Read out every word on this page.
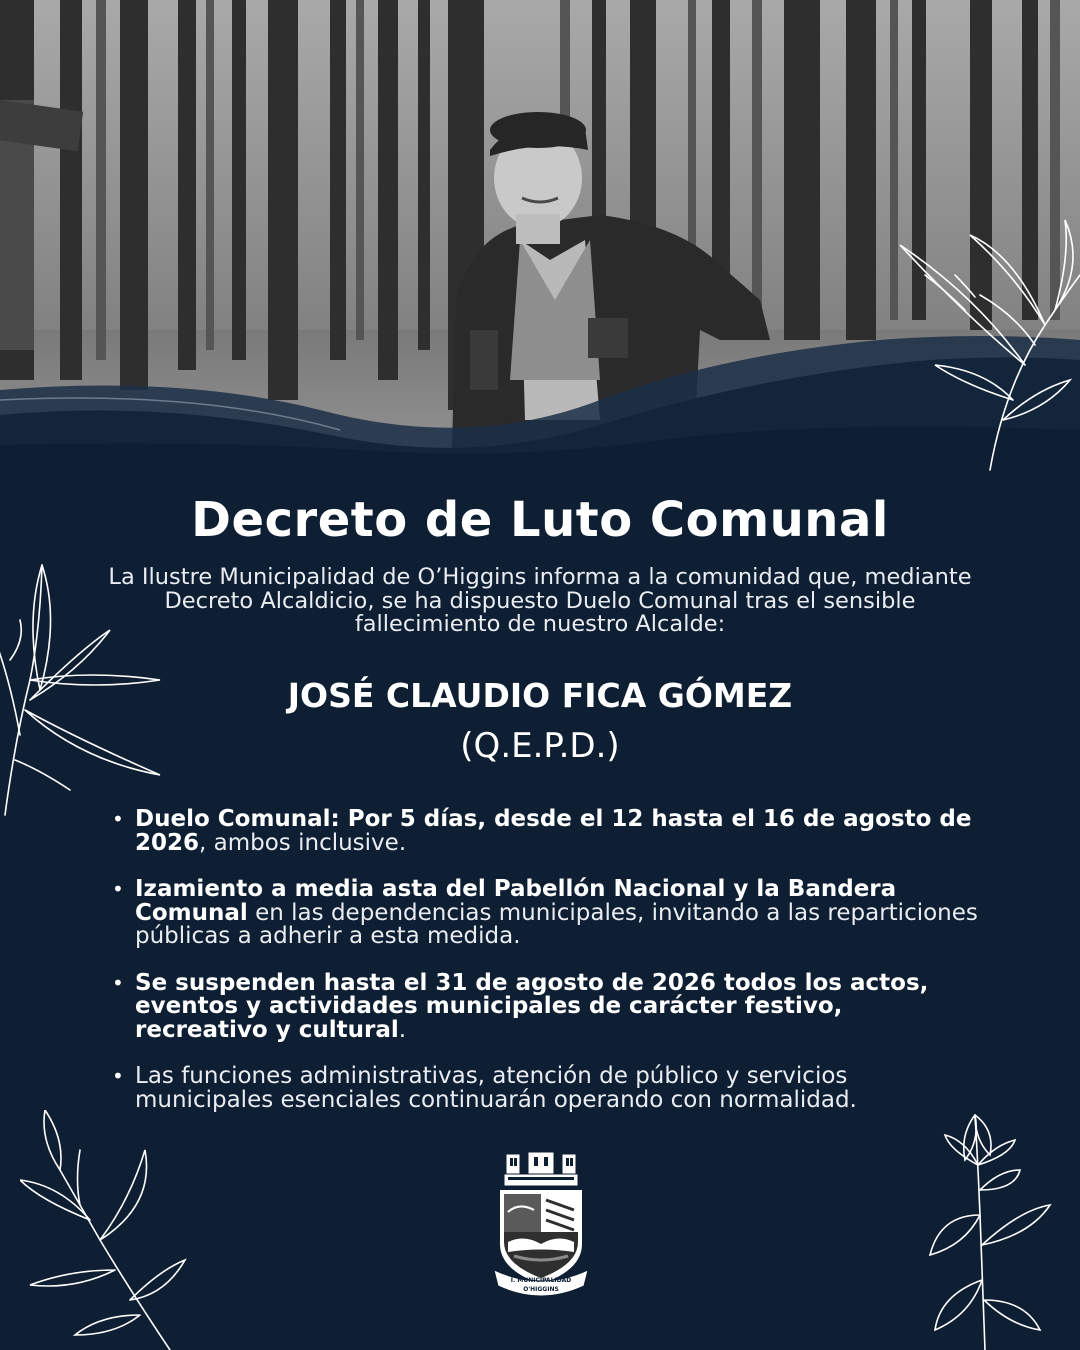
Decreto de Luto Comunal

La Ilustre Municipalidad de O’Higgins informa a la comunidad que, mediante Decreto Alcaldicio, se ha dispuesto Duelo Comunal tras el sensible fallecimiento de nuestro Alcalde:

JOSÉ CLAUDIO FICA GÓMEZ

(Q.E.P.D.)

• Duelo Comunal: Por 5 días, desde el 12 hasta el 16 de agosto de 2026, ambos inclusive.
• Izamiento a media asta del Pabellón Nacional y la Bandera Comunal en las dependencias municipales, invitando a las reparticiones públicas a adherir a esta medida.
• Se suspenden hasta el 31 de agosto de 2026 todos los actos, eventos y actividades municipales de carácter festivo, recreativo y cultural.
• Las funciones administrativas, atención de público y servicios municipales esenciales continuarán operando con normalidad.
I. MUNICIPALIDAD
O'HIGGINS
